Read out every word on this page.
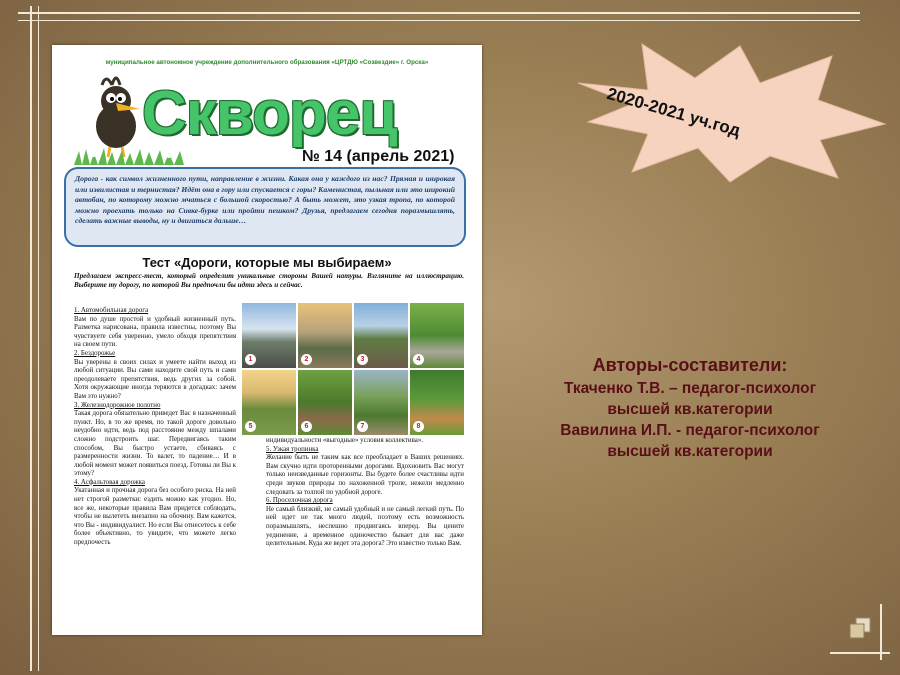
муниципальное автономное учреждение дополнительного образования «ЦРТДЮ «Созвездие» г. Орска»
Скворец
№ 14 (апрель 2021)
Дорога - как символ жизненного пути, направление в жизни. Какая она у каждого из нас? Прямая и широкая или извилистая и тернистая? Идёт она в гору или спускается с горы? Каменистая, пыльная или это широкий автобан, по которому можно мчаться с большой скоростью? А быть может, это узкая тропа, по которой можно проехать только на Сивке-бурке или пройти пешком? Друзья, предлагаем сегодня поразмышлять, сделать важные выводы, ну и двигаться дальше…
Тест «Дороги, которые мы выбираем»
Предлагаем экспресс-тест, который определит уникальные стороны Вашей натуры. Взгляните на иллюстрацию. Выберите ту дорогу, по которой Вы предпочли бы идти здесь и сейчас.

1. Автомобильная дорога
Вам по душе простой и удобный жизненный путь. Разметка нарисована, правила известны, поэтому Вы чувствуете себя уверенно, умело обходя препятствия на своем пути.

2. Бездорожье
Вы уверены в своих силах и умеете найти выход из любой ситуации. Вы сами находите свой путь и сами преодолеваете препятствия, ведь других за собой. Хотя окружающие иногда теряются в догадках: зачем Вам это нужно?

3. Железнодорожное полотно
Такая дорога обязательно приведет Вас в назначенный пункт. Но, в то же время, по такой дороге довольно неудобно идти, ведь под расстояние между шпалами сложно подстроить шаг. Передвигаясь таким способом, Вы быстро устаете, сбиваясь с размеренности жизни. То валет, то падение… И в любой момент может появиться поезд. Готовы ли Вы к этому?

4. Асфальтовая дорожка
Укатанная и прочная дорога без особого риска. На ней нет строгой разметки: ездить можно как угодно. Но, все же, некоторые правила Вам придется соблюдать, чтобы не вылететь внезапно на обочину. Вам кажется, что Вы - индивидуалист. Но если Вы отнесетесь к себе более объективно, то увидите, что можете легко предпочесть

1	2	3	4
5	6	7	8

индивидуальности «выгодные» условия коллектива».

5. Узкая тропинка
Желание быть не таким как все преобладает в Ваших решениях. Вам скучно идти проторенными дорогами. Вдохновить Вас могут только неизведанные горизонты. Вы будете более счастливы идти среди звуков природы по нахоженной тропе, нежели медленно следовать за толпой по удобной дороге.

6. Проселочная дорога
Не самый близкий, не самый удобный и не самый легкий путь. По ней идет не так много людей, поэтому есть возможность поразмышлять, неспешно продвигаясь вперед. Вы цените уединение, а временное одиночество бывает для вас даже целительным. Куда же ведет эта дорога? Это известно только Вам.

2020-2021 уч.год
Авторы-составители:
Ткаченко Т.В. – педагог-психолог
высшей кв.категории
Вавилина И.П. - педагог-психолог
высшей кв.категории
